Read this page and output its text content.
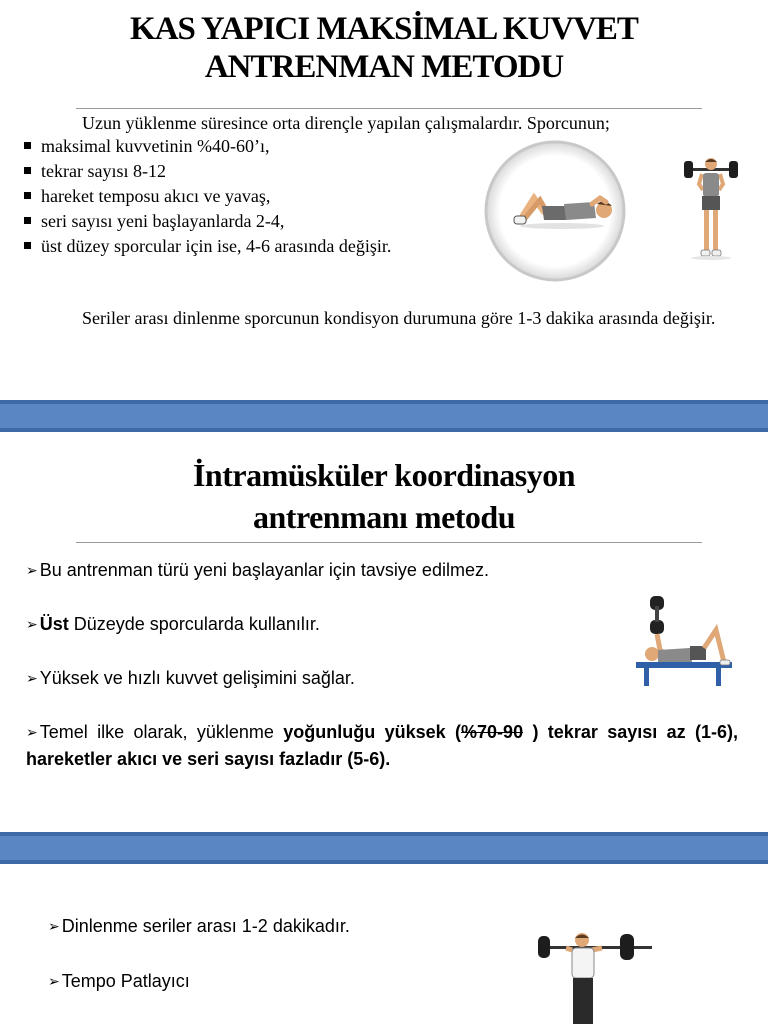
KAS YAPICI MAKSİMAL KUVVET
ANTRENMAN METODU
Uzun yüklenme süresince orta dirençle yapılan çalışmalardır. Sporcunun;
maksimal kuvvetinin %40-60’ı,
tekrar sayısı 8-12
hareket temposu akıcı ve yavaş,
seri sayısı yeni başlayanlarda 2-4,
üst düzey sporcular için ise, 4-6 arasında değişir.

Seriler arası dinlenme sporcunun kondisyon durumuna göre 1-3 dakika arasında değişir.

İntramüsküler koordinasyon
antrenmanı metodu
➢ Bu antrenman türü yeni başlayanlar için tavsiye edilmez.
➢ Üst Düzeyde sporcularda kullanılır.
➢ Yüksek ve hızlı kuvvet gelişimini sağlar.
➢ Temel ilke olarak, yüklenme yoğunluğu yüksek (%70-90 ) tekrar sayısı az (1-6), hareketler akıcı ve seri sayısı fazladır (5-6).
➢ Dinlenme seriler arası 1-2 dakikadır.
➢ Tempo Patlayıcı
